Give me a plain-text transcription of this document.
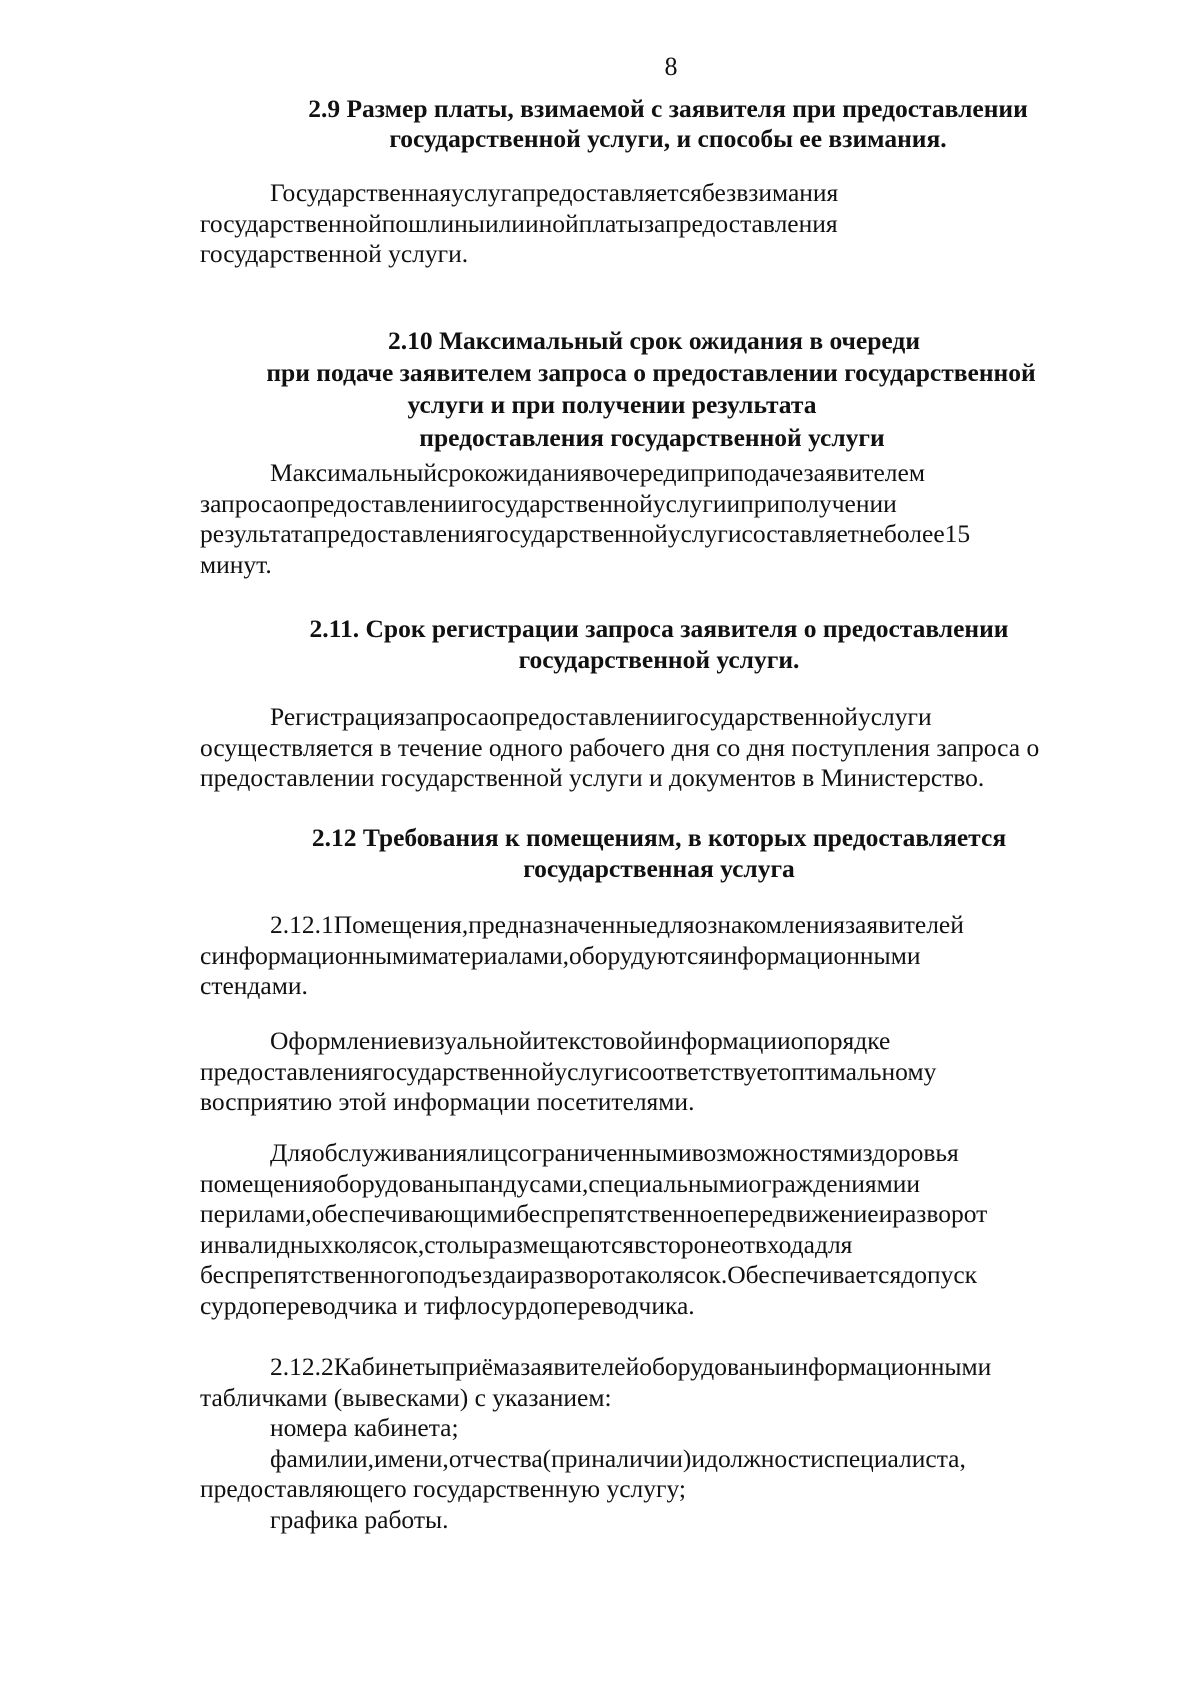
8
2.9 Размер платы, взимаемой с заявителя при предоставлении
государственной услуги, и способы ее взимания.
Государственнаяуслугапредоставляетсябезвзимания
государственнойпошлиныилиинойплатызапредоставления
государственной услуги.
2.10 Максимальный срок ожидания в очереди
при подаче заявителем запроса о предоставлении государственной
услуги и при получении результата
предоставления государственной услуги
Максимальныйсрокожиданиявочередиприподачезаявителем
запросаопредоставлениигосударственнойуслугииприполучении
результатапредоставлениягосударственнойуслугисоставляетнеболее15
минут.
2.11. Срок регистрации запроса заявителя о предоставлении
государственной услуги.
Регистрациязапросаопредоставлениигосударственнойуслуги
осуществляется в течение одного рабочего дня со дня поступления запроса о
предоставлении государственной услуги и документов в Министерство.
2.12 Требования к помещениям, в которых предоставляется
государственная услуга
2.12.1Помещения,предназначенныедляознакомлениязаявителей
синформационнымиматериалами,оборудуютсяинформационными
стендами.
Оформлениевизуальнойитекстовойинформацииопорядке
предоставлениягосударственнойуслугисоответствуетоптимальному
восприятию этой информации посетителями.
Дляобслуживаниялицсограниченнымивозможностямиздоровья
помещенияоборудованыпандусами,специальнымиограждениямии
перилами,обеспечивающимибеспрепятственноепередвижениеиразворот
инвалидныхколясок,столыразмещаютсявсторонеотвходадля
беспрепятственногоподъездаиразворотаколясок.Обеспечиваетсядопуск
сурдопереводчика и тифлосурдопереводчика.
2.12.2Кабинетыприёмазаявителейоборудованыинформационными
табличками (вывесками) с указанием:
номера кабинета;
фамилии,имени,отчества(приналичии)идолжностиспециалиста,
предоставляющего государственную услугу;
графика работы.
